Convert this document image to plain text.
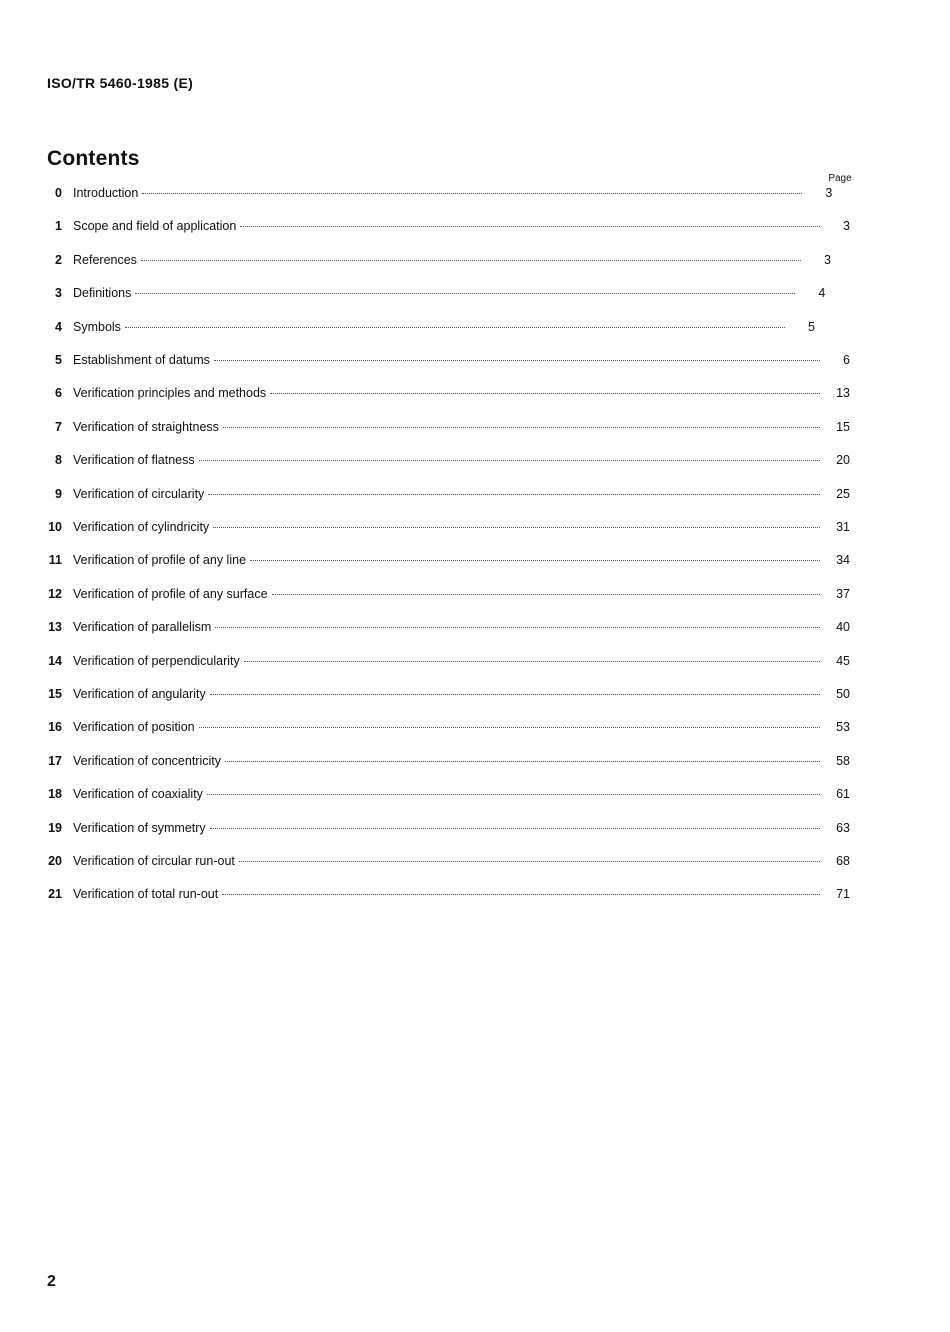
ISO/TR 5460-1985 (E)
Contents
Page
0 Introduction	3
1 Scope and field of application	3
2 References	3
3 Definitions	4
4 Symbols	5
5 Establishment of datums	6
6 Verification principles and methods	13
7 Verification of straightness	15
8 Verification of flatness	20
9 Verification of circularity	25
10 Verification of cylindricity	31
11 Verification of profile of any line	34
12 Verification of profile of any surface	37
13 Verification of parallelism	40
14 Verification of perpendicularity	45
15 Verification of angularity	50
16 Verification of position	53
17 Verification of concentricity	58
18 Verification of coaxiality	61
19 Verification of symmetry	63
20 Verification of circular run-out	68
21 Verification of total run-out	71
2
